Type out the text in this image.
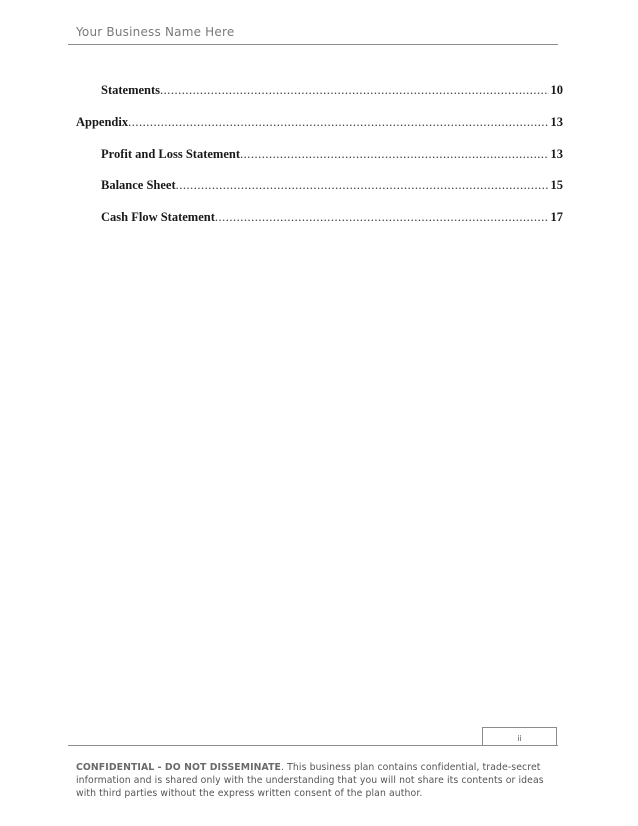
Your Business Name Here
Statements .....	10
Appendix .....	13
Profit and Loss Statement .....	13
Balance Sheet .....	15
Cash Flow Statement .....	17
ii
CONFIDENTIAL - DO NOT DISSEMINATE. This business plan contains confidential, trade-secret information and is shared only with the understanding that you will not share its contents or ideas with third parties without the express written consent of the plan author.
